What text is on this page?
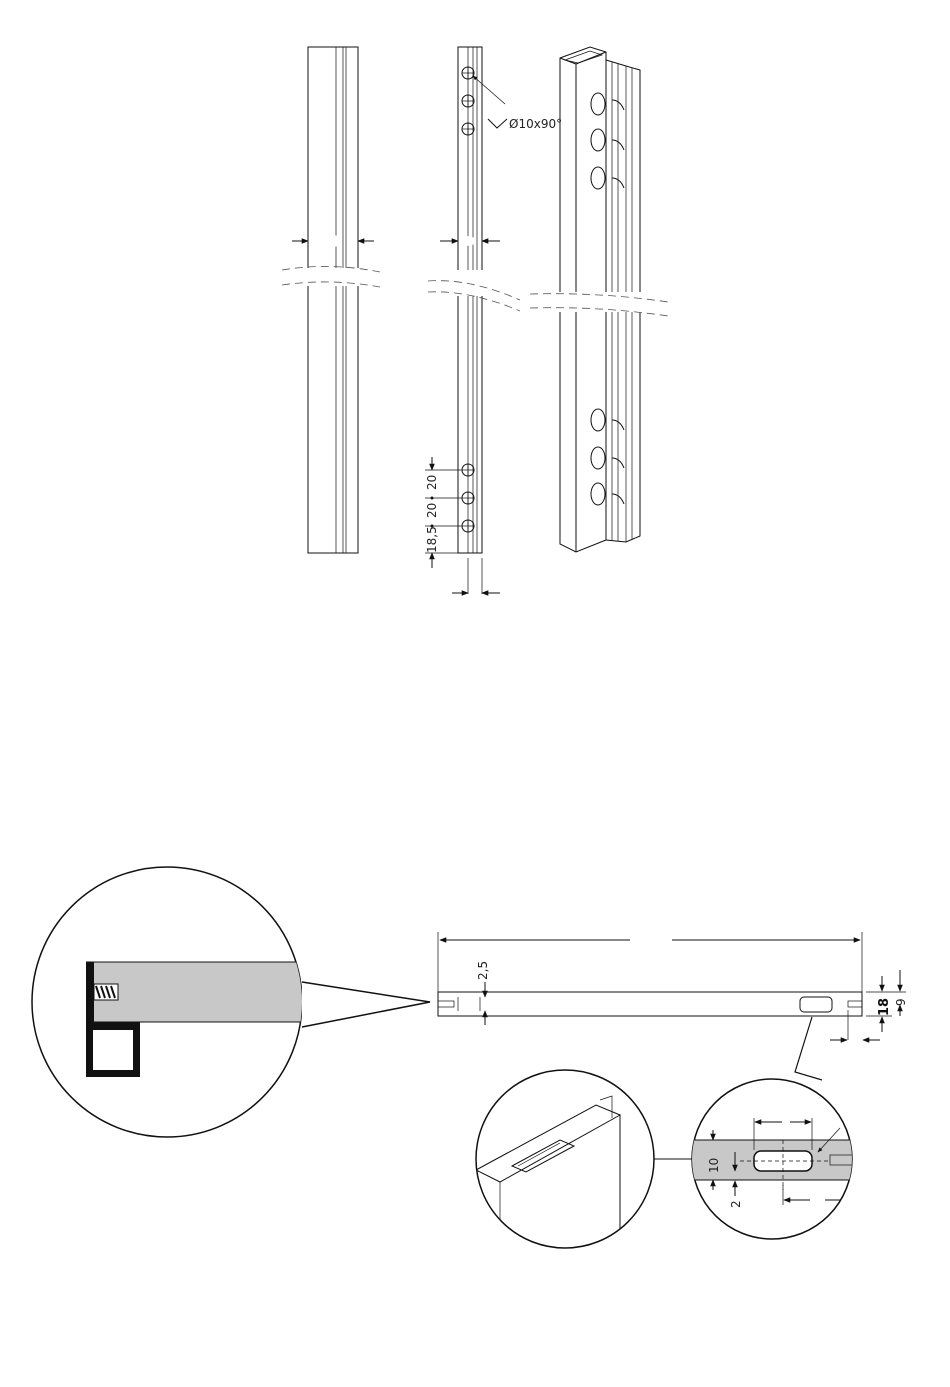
Ø10x90°
20
20
18,5
2,5
18 9
10
2
